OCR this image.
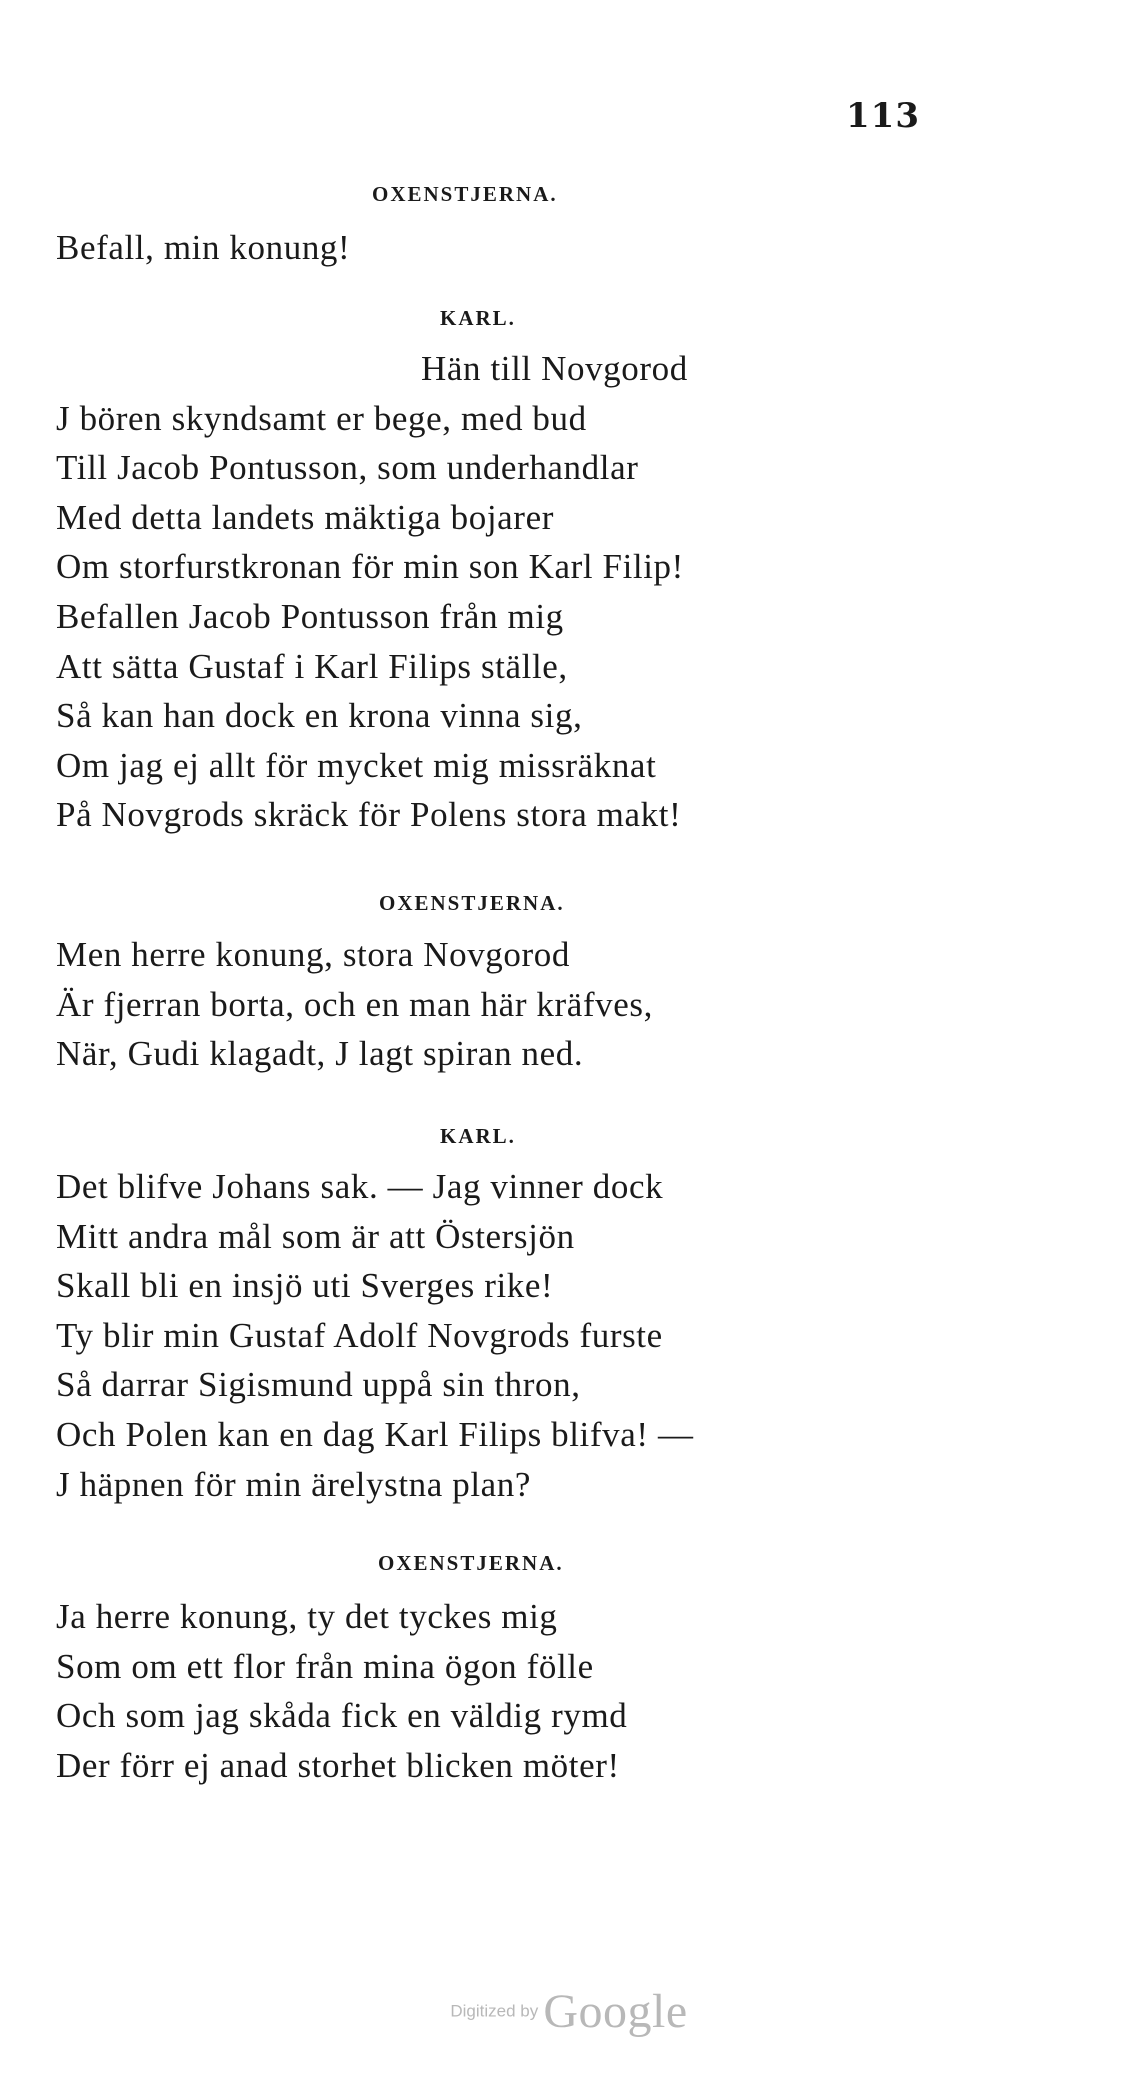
113
OXENSTJERNA.
Befall, min konung!
KARL.
Hän till Novgorod
J bören skyndsamt er bege, med bud
Till Jacob Pontusson, som underhandlar
Med detta landets mäktiga bojarer
Om storfurstkronan för min son Karl Filip!
Befallen Jacob Pontusson från mig
Att sätta Gustaf i Karl Filips ställe,
Så kan han dock en krona vinna sig,
Om jag ej allt för mycket mig missräknat
På Novgrods skräck för Polens stora makt!
OXENSTJERNA.
Men herre konung, stora Novgorod
Är fjerran borta, och en man här kräfves,
När, Gudi klagadt, J lagt spiran ned.
KARL.
Det blifve Johans sak. — Jag vinner dock
Mitt andra mål som är att Östersjön
Skall bli en insjö uti Sverges rike!
Ty blir min Gustaf Adolf Novgrods furste
Så darrar Sigismund uppå sin thron,
Och Polen kan en dag Karl Filips blifva! —
J häpnen för min ärelystna plan?
OXENSTJERNA.
Ja herre konung, ty det tyckes mig
Som om ett flor från mina ögon fölle
Och som jag skåda fick en väldig rymd
Der förr ej anad storhet blicken möter!
Digitized by Google
